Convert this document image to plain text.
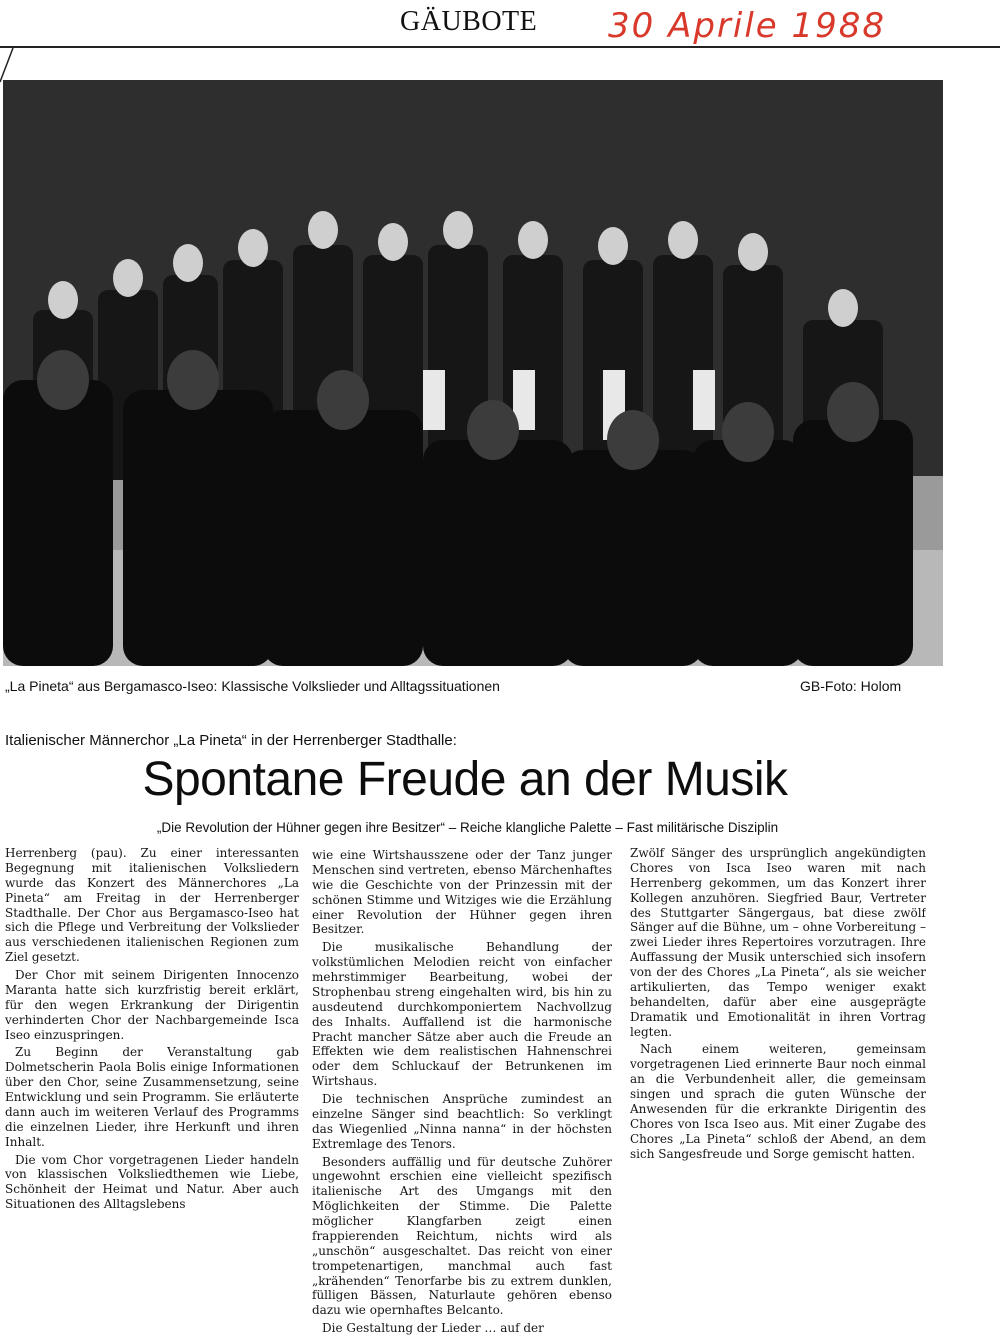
GÄUBOTE 30 Aprile 1988
„La Pineta“ aus Bergamasco-Iseo: Klassische Volkslieder und Alltagssituationen	GB-Foto: Holom
Italienischer Männerchor „La Pineta“ in der Herrenberger Stadthalle:
Spontane Freude an der Musik
„Die Revolution der Hühner gegen ihre Besitzer“ – Reiche klangliche Palette – Fast militärische Disziplin

Herrenberg (pau). Zu einer interessanten Begegnung mit italienischen Volksliedern wurde das Konzert des Männerchores „La Pineta“ am Freitag in der Herrenberger Stadthalle. Der Chor aus Bergamasco-Iseo hat sich die Pflege und Verbreitung der Volkslieder aus verschiedenen italienischen Regionen zum Ziel gesetzt.

Der Chor mit seinem Dirigenten Innocenzo Maranta hatte sich kurzfristig bereit erklärt, für den wegen Erkrankung der Dirigentin verhinderten Chor der Nachbargemeinde Isca Iseo einzuspringen.

Zu Beginn der Veranstaltung gab Dolmetscherin Paola Bolis einige Informationen über den Chor, seine Zusammensetzung, seine Entwicklung und sein Programm. Sie erläuterte dann auch im weiteren Verlauf des Programms die einzelnen Lieder, ihre Herkunft und ihren Inhalt.

Die vom Chor vorgetragenen Lieder handeln von klassischen Volksliedthemen wie Liebe, Schönheit der Heimat und Natur. Aber auch Situationen des Alltagslebens

wie eine Wirtshausszene oder der Tanz junger Menschen sind vertreten, ebenso Märchenhaftes wie die Geschichte von der Prinzessin mit der schönen Stimme und Witziges wie die Erzählung einer Revolution der Hühner gegen ihren Besitzer.

Die musikalische Behandlung der volkstümlichen Melodien reicht von einfacher mehrstimmiger Bearbeitung, wobei der Strophenbau streng eingehalten wird, bis hin zu ausdeutend durchkomponiertem Nachvollzug des Inhalts. Auffallend ist die harmonische Pracht mancher Sätze aber auch die Freude an Effekten wie dem realistischen Hahnenschrei oder dem Schluckauf der Betrunkenen im Wirtshaus.

Die technischen Ansprüche zumindest an einzelne Sänger sind beachtlich: So verklingt das Wiegenlied „Ninna nanna“ in der höchsten Extremlage des Tenors.

Besonders auffällig und für deutsche Zuhörer ungewohnt erschien eine vielleicht spezifisch italienische Art des Umgangs mit den Möglichkeiten der Stimme. Die Palette möglicher Klangfarben zeigt einen frappierenden Reichtum, nichts wird als „unschön“ ausgeschaltet. Das reicht von einer trompetenartigen, manchmal auch fast „krähenden“ Tenorfarbe bis zu extrem dunklen, fülligen Bässen, Naturlaute gehören ebenso dazu wie opernhaftes Belcanto.

Die Gestaltung der Lieder … auf der

Zwölf Sänger des ursprünglich angekündigten Chores von Isca Iseo waren mit nach Herrenberg gekommen, um das Konzert ihrer Kollegen anzuhören. Siegfried Baur, Vertreter des Stuttgarter Sängergaus, bat diese zwölf Sänger auf die Bühne, um – ohne Vorbereitung – zwei Lieder ihres Repertoires vorzutragen. Ihre Auffassung der Musik unterschied sich insofern von der des Chores „La Pineta“, als sie weicher artikulierten, das Tempo weniger exakt behandelten, dafür aber eine ausgeprägte Dramatik und Emotionalität in ihren Vortrag legten.

Nach einem weiteren, gemeinsam vorgetragenen Lied erinnerte Baur noch einmal an die Verbundenheit aller, die gemeinsam singen und sprach die guten Wünsche der Anwesenden für die erkrankte Dirigentin des Chores von Isca Iseo aus. Mit einer Zugabe des Chores „La Pineta“ schloß der Abend, an dem sich Sangesfreude und Sorge gemischt hatten.
